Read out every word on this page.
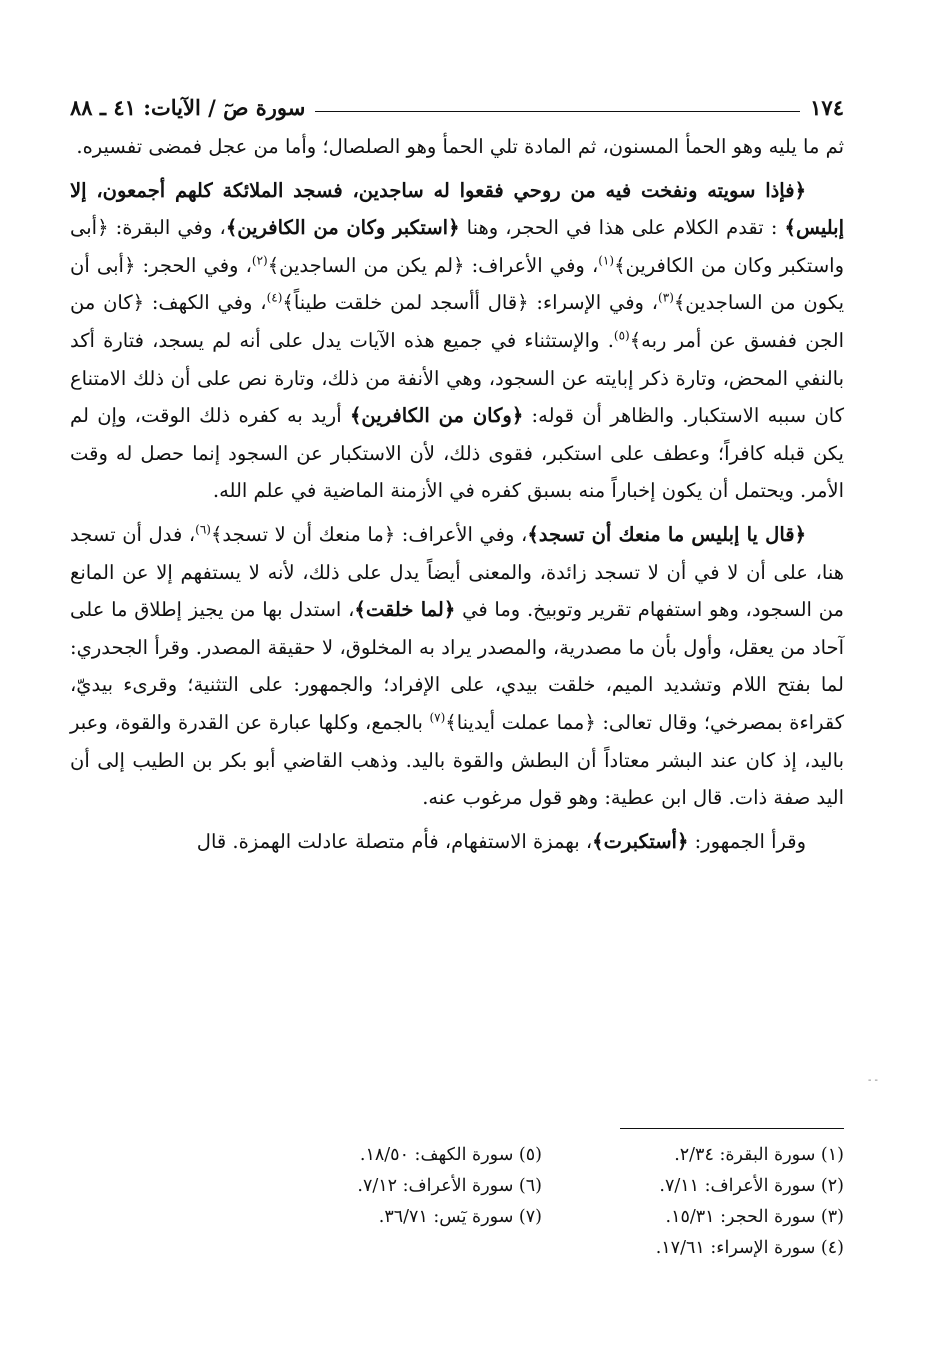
١٧٤
سورة صٓ / الآيات: ٤١ ـ ٨٨

ثم ما يليه وهو الحمأ المسنون، ثم المادة تلي الحمأ وهو الصلصال؛ وأما من عجل فمضى تفسيره.

﴿فإذا سويته ونفخت فيه من روحي فقعوا له ساجدين، فسجد الملائكة كلهم أجمعون، إلا إبليس﴾ : تقدم الكلام على هذا في الحجر، وهنا ﴿استكبر وكان من الكافرين﴾، وفي البقرة: ﴿أبى واستكبر وكان من الكافرين﴾$^{(١)}$، وفي الأعراف: ﴿لم يكن من الساجدين﴾$^{(٢)}$، وفي الحجر: ﴿أبى أن يكون من الساجدين﴾$^{(٣)}$، وفي الإسراء: ﴿قال أأسجد لمن خلقت طيناً﴾$^{(٤)}$، وفي الكهف: ﴿كان من الجن ففسق عن أمر ربه﴾$^{(٥)}$. والإستثناء في جميع هذه الآيات يدل على أنه لم يسجد، فتارة أكد بالنفي المحض، وتارة ذكر إبايته عن السجود، وهي الأنفة من ذلك، وتارة نص على أن ذلك الامتناع كان سببه الاستكبار. والظاهر أن قوله: ﴿وكان من الكافرين﴾ أريد به كفره ذلك الوقت، وإن لم يكن قبله كافراً؛ وعطف على استكبر، فقوى ذلك، لأن الاستكبار عن السجود إنما حصل له وقت الأمر. ويحتمل أن يكون إخباراً منه بسبق كفره في الأزمنة الماضية في علم الله.

﴿قال يا إبليس ما منعك أن تسجد﴾، وفي الأعراف: ﴿ما منعك أن لا تسجد﴾$^{(٦)}$، فدل أن تسجد هنا، على أن لا في أن لا تسجد زائدة، والمعنى أيضاً يدل على ذلك، لأنه لا يستفهم إلا عن المانع من السجود، وهو استفهام تقرير وتوبيخ. وما في ﴿لما خلقت﴾، استدل بها من يجيز إطلاق ما على آحاد من يعقل، وأول بأن ما مصدرية، والمصدر يراد به المخلوق، لا حقيقة المصدر. وقرأ الجحدري: لما بفتح اللام وتشديد الميم، خلقت بيدي، على الإفراد؛ والجمهور: على التثنية؛ وقرىء بيديّ، كقراءة بمصرخي؛ وقال تعالى: ﴿مما عملت أيدينا﴾$^{(٧)}$ بالجمع، وكلها عبارة عن القدرة والقوة، وعبر باليد، إذ كان عند البشر معتاداً أن البطش والقوة باليد. وذهب القاضي أبو بكر بن الطيب إلى أن اليد صفة ذات. قال ابن عطية: وهو قول مرغوب عنه.

وقرأ الجمهور: ﴿أستكبرت﴾، بهمزة الاستفهام، فأم متصلة عادلت الهمزة. قال

(١) سورة البقرة: ٢/٣٤.
(٢) سورة الأعراف: ٧/١١.
(٣) سورة الحجر: ١٥/٣١.
(٤) سورة الإسراء: ١٧/٦١.
(٥) سورة الكهف: ١٨/٥٠.
(٦) سورة الأعراف: ٧/١٢.
(٧) سورة يٓس: ٣٦/٧١.
- -
